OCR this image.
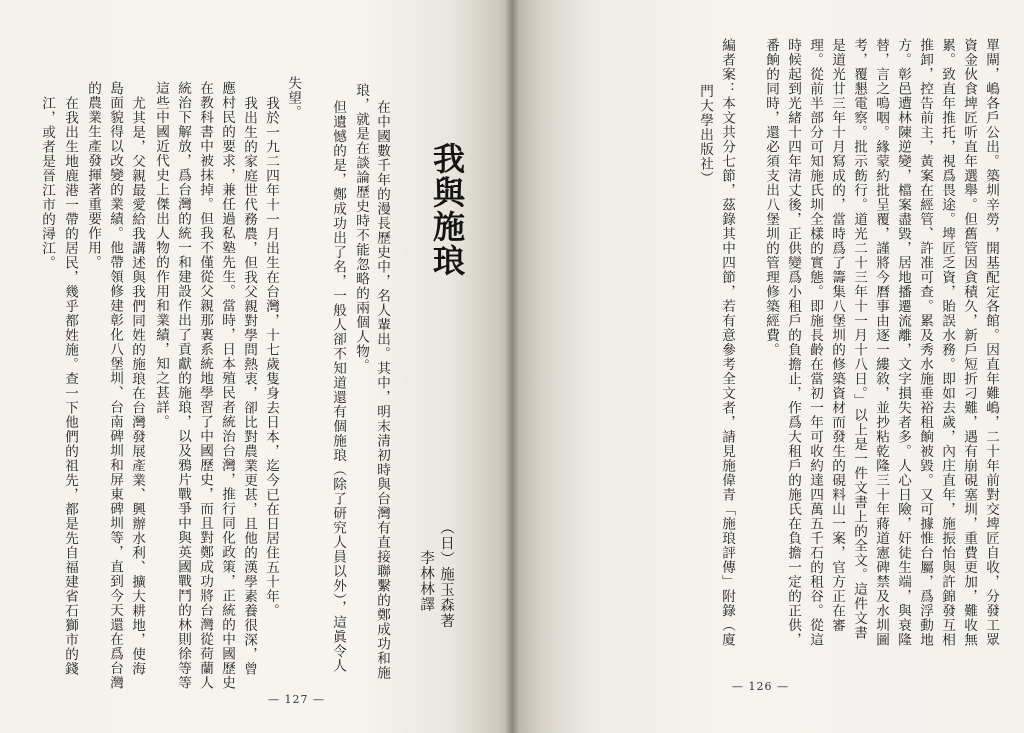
我與施琅
（日）施玉森著
李林林譯
在中國數千年的漫長歷史中，名人輩出。其中，明末清初時與台灣有直接聯繫的鄭成功和施
琅，就是在談論歷史時不能忽略的兩個人物。
但遺憾的是，鄭成功出了名，一般人卻不知道還有個施琅（除了研究人員以外），這眞令人
失望。
我於一九二四年十一月出生在台灣，十七歲隻身去日本，迄今已在日居住五十年。
我出生的家庭世代務農，但我父親對學問熱衷，卻比對農業更甚，且他的漢學素養很深，曾
應村民的要求，兼任過私塾先生。當時，日本殖民者統治台灣，推行同化政策，正統的中國歷史
在教科書中被抹掉。但我不僅從父親那裏系統地學習了中國歷史，而且對鄭成功將台灣從荷蘭人
統治下解放，爲台灣的統一和建設作出了貢獻的施琅，以及鴉片戰爭中與英國戰鬥的林則徐等等
這些中國近代史上傑出人物的作用和業績，知之甚詳。
尤其是，父親最愛給我講述與我們同姓的施琅在台灣發展產業、興辦水利、擴大耕地，使海
島面貌得以改變的業績。他帶領修建彰化八堡圳、台南碑圳和屏東碑圳等，直到今天還在爲台灣
的農業生產發揮著重要作用。
在我出生地鹿港一帶的居民，幾乎都姓施。查一下他們的祖先，都是先自福建省石獅市的錢
江，或者是晉江市的潯江。
— 127 —
單閘，嶋各戶公出。築圳辛勞，開基配定各館。因直年難嶋，二十年前對交埤匠自收，分發工眾
資金伙食埤匠听直年選舉。但舊管因貪積久，新戶短折刁難，遇有崩硯塞圳，重費更加，難收無
累。致直年推托，視爲畏途。埤匠乏資，貽誤水務。即如去歲，內庄直年，施振怡與許錦發互相
推卸，控告前主，黃案在經管、許准可查。累及秀水施垂裕租餉被毀。又可據惟台屬，爲浮動地
方。彰邑遭林陳逆變，檔案盡毀，居地播遷流離，文字損失者多。人心日險，奸徒生端，與衰隆
替，言之嗚咽。緣蒙約批呈覆，謹將今曆事由逐一縷敘，並抄粘乾隆三十年蔣道憲碑禁及水圳圖
考，覆懇電察。批示飭行。道光二十三年十一月十八日。」以上是一件文書上的全文。這件文書
是道光廿三年十月寫成的，當時爲了籌集八堡圳的修築資材而發生的硯料山一案，官方正在審
理。從前半部分可知施氏圳全樣的實態。即施長齡在當初一年可收約達四萬五千石的租谷。從這
時候起到光緒十四年清丈後，正供變爲小租戶的負擔止，作爲大租戶的施氏在負擔一定的正供，
番餉的同時，還必須支出八堡圳的管理修築經費。
編者案：本文共分七節，茲錄其中四節，若有意參考全文者，請見施偉青「施琅評傳」附錄（廈
　　門大學出版社）
— 126 —
